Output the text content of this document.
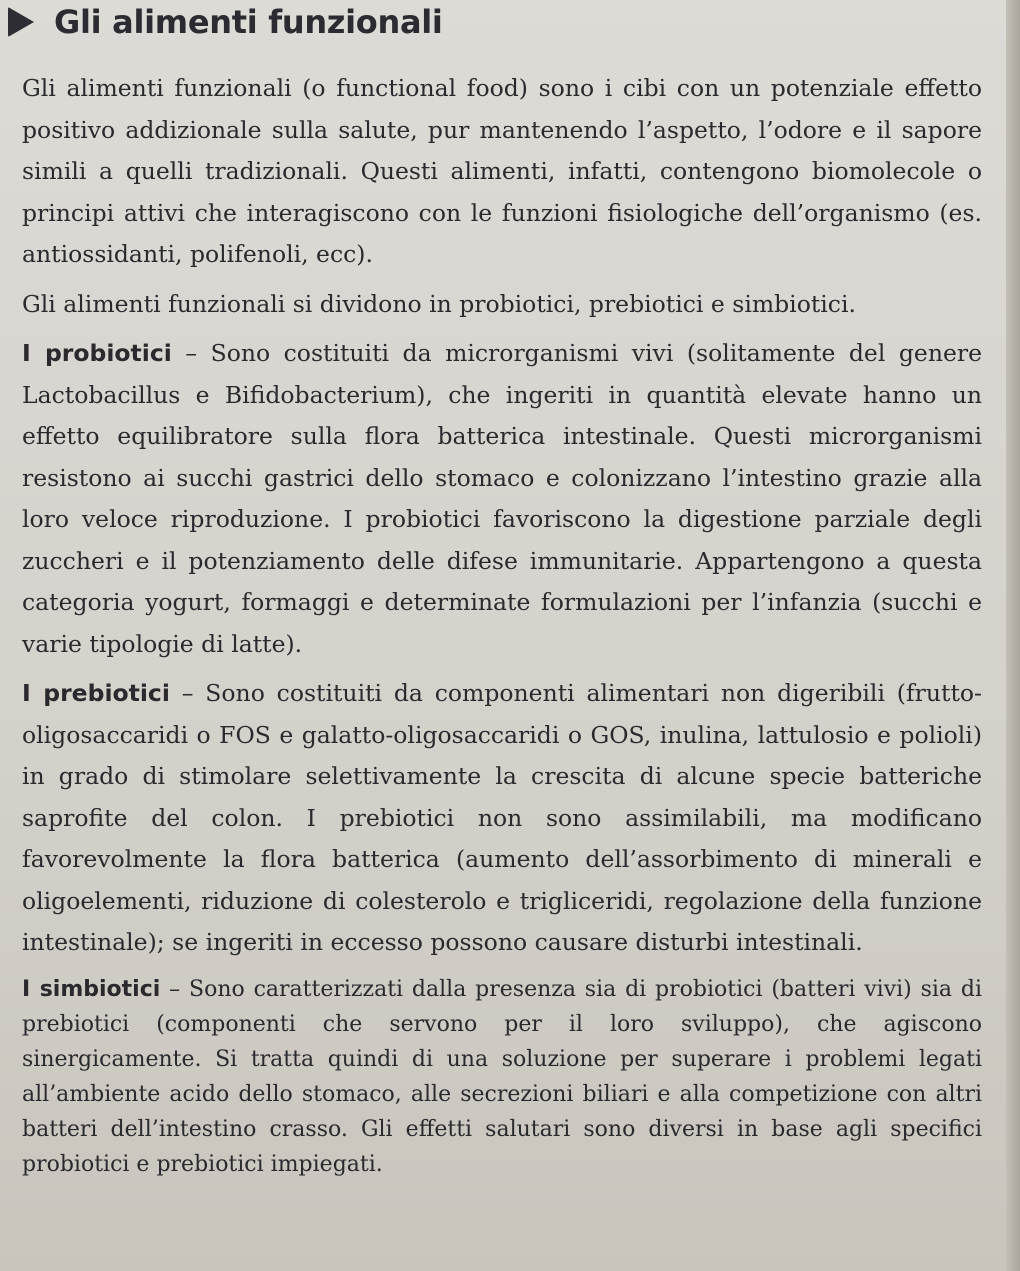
Gli alimenti funzionali

Gli alimenti funzionali (o functional food) sono i cibi con un potenziale effetto positivo addizionale sulla salute, pur mantenendo l’aspetto, l’odore e il sapore simili a quelli tradizionali. Questi alimenti, infatti, contengono biomolecole o principi attivi che interagiscono con le funzioni fisiologiche dell’organismo (es. antiossidanti, polifenoli, ecc).

Gli alimenti funzionali si dividono in probiotici, prebiotici e simbiotici.

I probiotici – Sono costituiti da microrganismi vivi (solitamente del genere Lactobacillus e Bifidobacterium), che ingeriti in quantità elevate hanno un effetto equilibratore sulla flora batterica intestinale. Questi microrganismi resistono ai succhi gastrici dello stomaco e colonizzano l’intestino grazie alla loro veloce riproduzione. I probiotici favoriscono la digestione parziale degli zuccheri e il potenziamento delle difese immunitarie. Appartengono a questa categoria yogurt, formaggi e determinate formulazioni per l’infanzia (succhi e varie tipologie di latte).

I prebiotici – Sono costituiti da componenti alimentari non digeribili (frutto-oligosaccaridi o FOS e galatto-oligosaccaridi o GOS, inulina, lattulosio e polioli) in grado di stimolare selettivamente la crescita di alcune specie batteriche saprofite del colon. I prebiotici non sono assimilabili, ma modificano favorevolmente la flora batterica (aumento dell’assorbimento di minerali e oligoelementi, riduzione di colesterolo e trigliceridi, regolazione della funzione intestinale); se ingeriti in eccesso possono causare disturbi intestinali.

I simbiotici – Sono caratterizzati dalla presenza sia di probiotici (batteri vivi) sia di prebiotici (componenti che servono per il loro sviluppo), che agiscono sinergicamente. Si tratta quindi di una soluzione per superare i problemi legati all’ambiente acido dello stomaco, alle secrezioni biliari e alla competizione con altri batteri dell’intestino crasso. Gli effetti salutari sono diversi in base agli specifici probiotici e prebiotici impiegati.
